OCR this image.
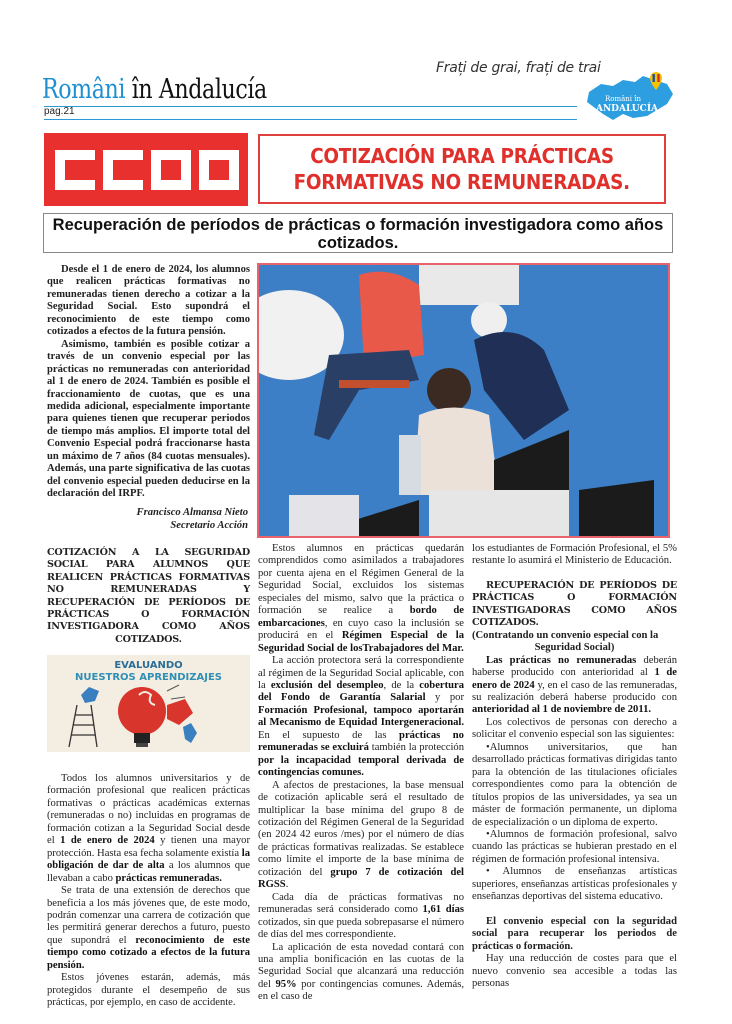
Români în Andalucía
pag.21
Frați de grai, frați de trai
Români în
ANDALUCÍA
COTIZACIÓN PARA PRÁCTICAS
FORMATIVAS NO REMUNERADAS.
Recuperación de períodos de prácticas o formación investigadora como años cotizados.

Desde el 1 de enero de 2024, los alumnos que realicen prácticas formativas no remuneradas tienen derecho a cotizar a la Seguridad Social. Esto supondrá el reconocimiento de este tiempo como cotizados a efectos de la futura pensión.

Asimismo, también es posible cotizar a través de un convenio especial por las prácticas no remuneradas con anterioridad al 1 de enero de 2024. También es posible el fraccionamiento de cuotas, que es una medida adicional, especialmente importante para quienes tienen que recuperar periodos de tiempo más amplios. El importe total del Convenio Especial podrá fraccionarse hasta un máximo de 7 años (84 cuotas mensuales). Además, una parte significativa de las cuotas del convenio especial pueden deducirse en la declaración del IRPF.

Francisco Almansa Nieto
Secretario Acción
COTIZACIÓN A LA SEGURIDAD SOCIAL PARA ALUMNOS QUE REALICEN PRÁCTICAS FORMATIVAS NO REMUNERADAS Y RECUPERACIÓN DE PERÍODOS DE PRÁCTICAS O FORMACIÓN INVESTIGADORA COMO AÑOS COTIZADOS.
EVALUANDO
NUESTROS APRENDIZAJES

Todos los alumnos universitarios y de formación profesional que realicen prácticas formativas o prácticas académicas externas (remuneradas o no) incluidas en programas de formación cotizan a la Seguridad Social desde el 1 de enero de 2024 y tienen una mayor protección. Hasta esa fecha solamente existía la obligación de dar de alta a los alumnos que llevaban a cabo prácticas remuneradas.

Se trata de una extensión de derechos que beneficia a los más jóvenes que, de este modo, podrán comenzar una carrera de cotización que les permitirá generar derechos a futuro, puesto que supondrá el reconocimiento de este tiempo como cotizado a efectos de la futura pensión.

Estos jóvenes estarán, además, más protegidos durante el desempeño de sus prácticas, por ejemplo, en caso de accidente.

Estos alumnos en prácticas quedarán comprendidos como asimilados a trabajadores por cuenta ajena en el Régimen General de la Seguridad Social, excluidos los sistemas especiales del mismo, salvo que la práctica o formación se realice a bordo de embarcaciones, en cuyo caso la inclusión se producirá en el Régimen Especial de la Seguridad Social de losTrabajadores del Mar.

La acción protectora será la correspondiente al régimen de la Seguridad Social aplicable, con la exclusión del desempleo, de la cobertura del Fondo de Garantía Salarial y por Formación Profesional, tampoco aportarán al Mecanismo de Equidad Intergeneracional. En el supuesto de las prácticas no remuneradas se excluirá también la protección por la incapacidad temporal derivada de contingencias comunes.

A afectos de prestaciones, la base mensual de cotización aplicable será el resultado de multiplicar la base mínima del grupo 8 de cotización del Régimen General de la Seguridad (en 2024 42 euros /mes) por el número de días de prácticas formativas realizadas. Se establece como límite el importe de la base mínima de cotización del grupo 7 de cotización del RGSS.

Cada día de prácticas formativas no remuneradas será considerado como 1,61 días cotizados, sin que pueda sobrepasarse el número de días del mes correspondiente.

La aplicación de esta novedad contará con una amplia bonificación en las cuotas de la Seguridad Social que alcanzará una reducción del 95% por contingencias comunes. Además, en el caso de

los estudiantes de Formación Profesional, el 5% restante lo asumirá el Ministerio de Educación.

RECUPERACIÓN DE PERÍODOS DE PRÁCTICAS O FORMACIÓN INVESTIGADORAS COMO AÑOS COTIZADOS.

(Contratando un convenio especial con la

Seguridad Social)

Las prácticas no remuneradas deberán haberse producido con anterioridad al 1 de enero de 2024 y, en el caso de las remuneradas, su realización deberá haberse producido con anterioridad al 1 de noviembre de 2011.

Los colectivos de personas con derecho a solicitar el convenio especial son las siguientes:

•Alumnos universitarios, que han desarrollado prácticas formativas dirigidas tanto para la obtención de las titulaciones oficiales correspondientes como para la obtención de títulos propios de las universidades, ya sea un máster de formación permanente, un diploma de especialización o un diploma de experto.

•Alumnos de formación profesional, salvo cuando las prácticas se hubieran prestado en el régimen de formación profesional intensiva.

• Alumnos de enseñanzas artísticas superiores, enseñanzas artísticas profesionales y enseñanzas deportivas del sistema educativo.

El convenio especial con la seguridad social para recuperar los periodos de prácticas o formación.

Hay una reducción de costes para que el nuevo convenio sea accesible a todas las personas
